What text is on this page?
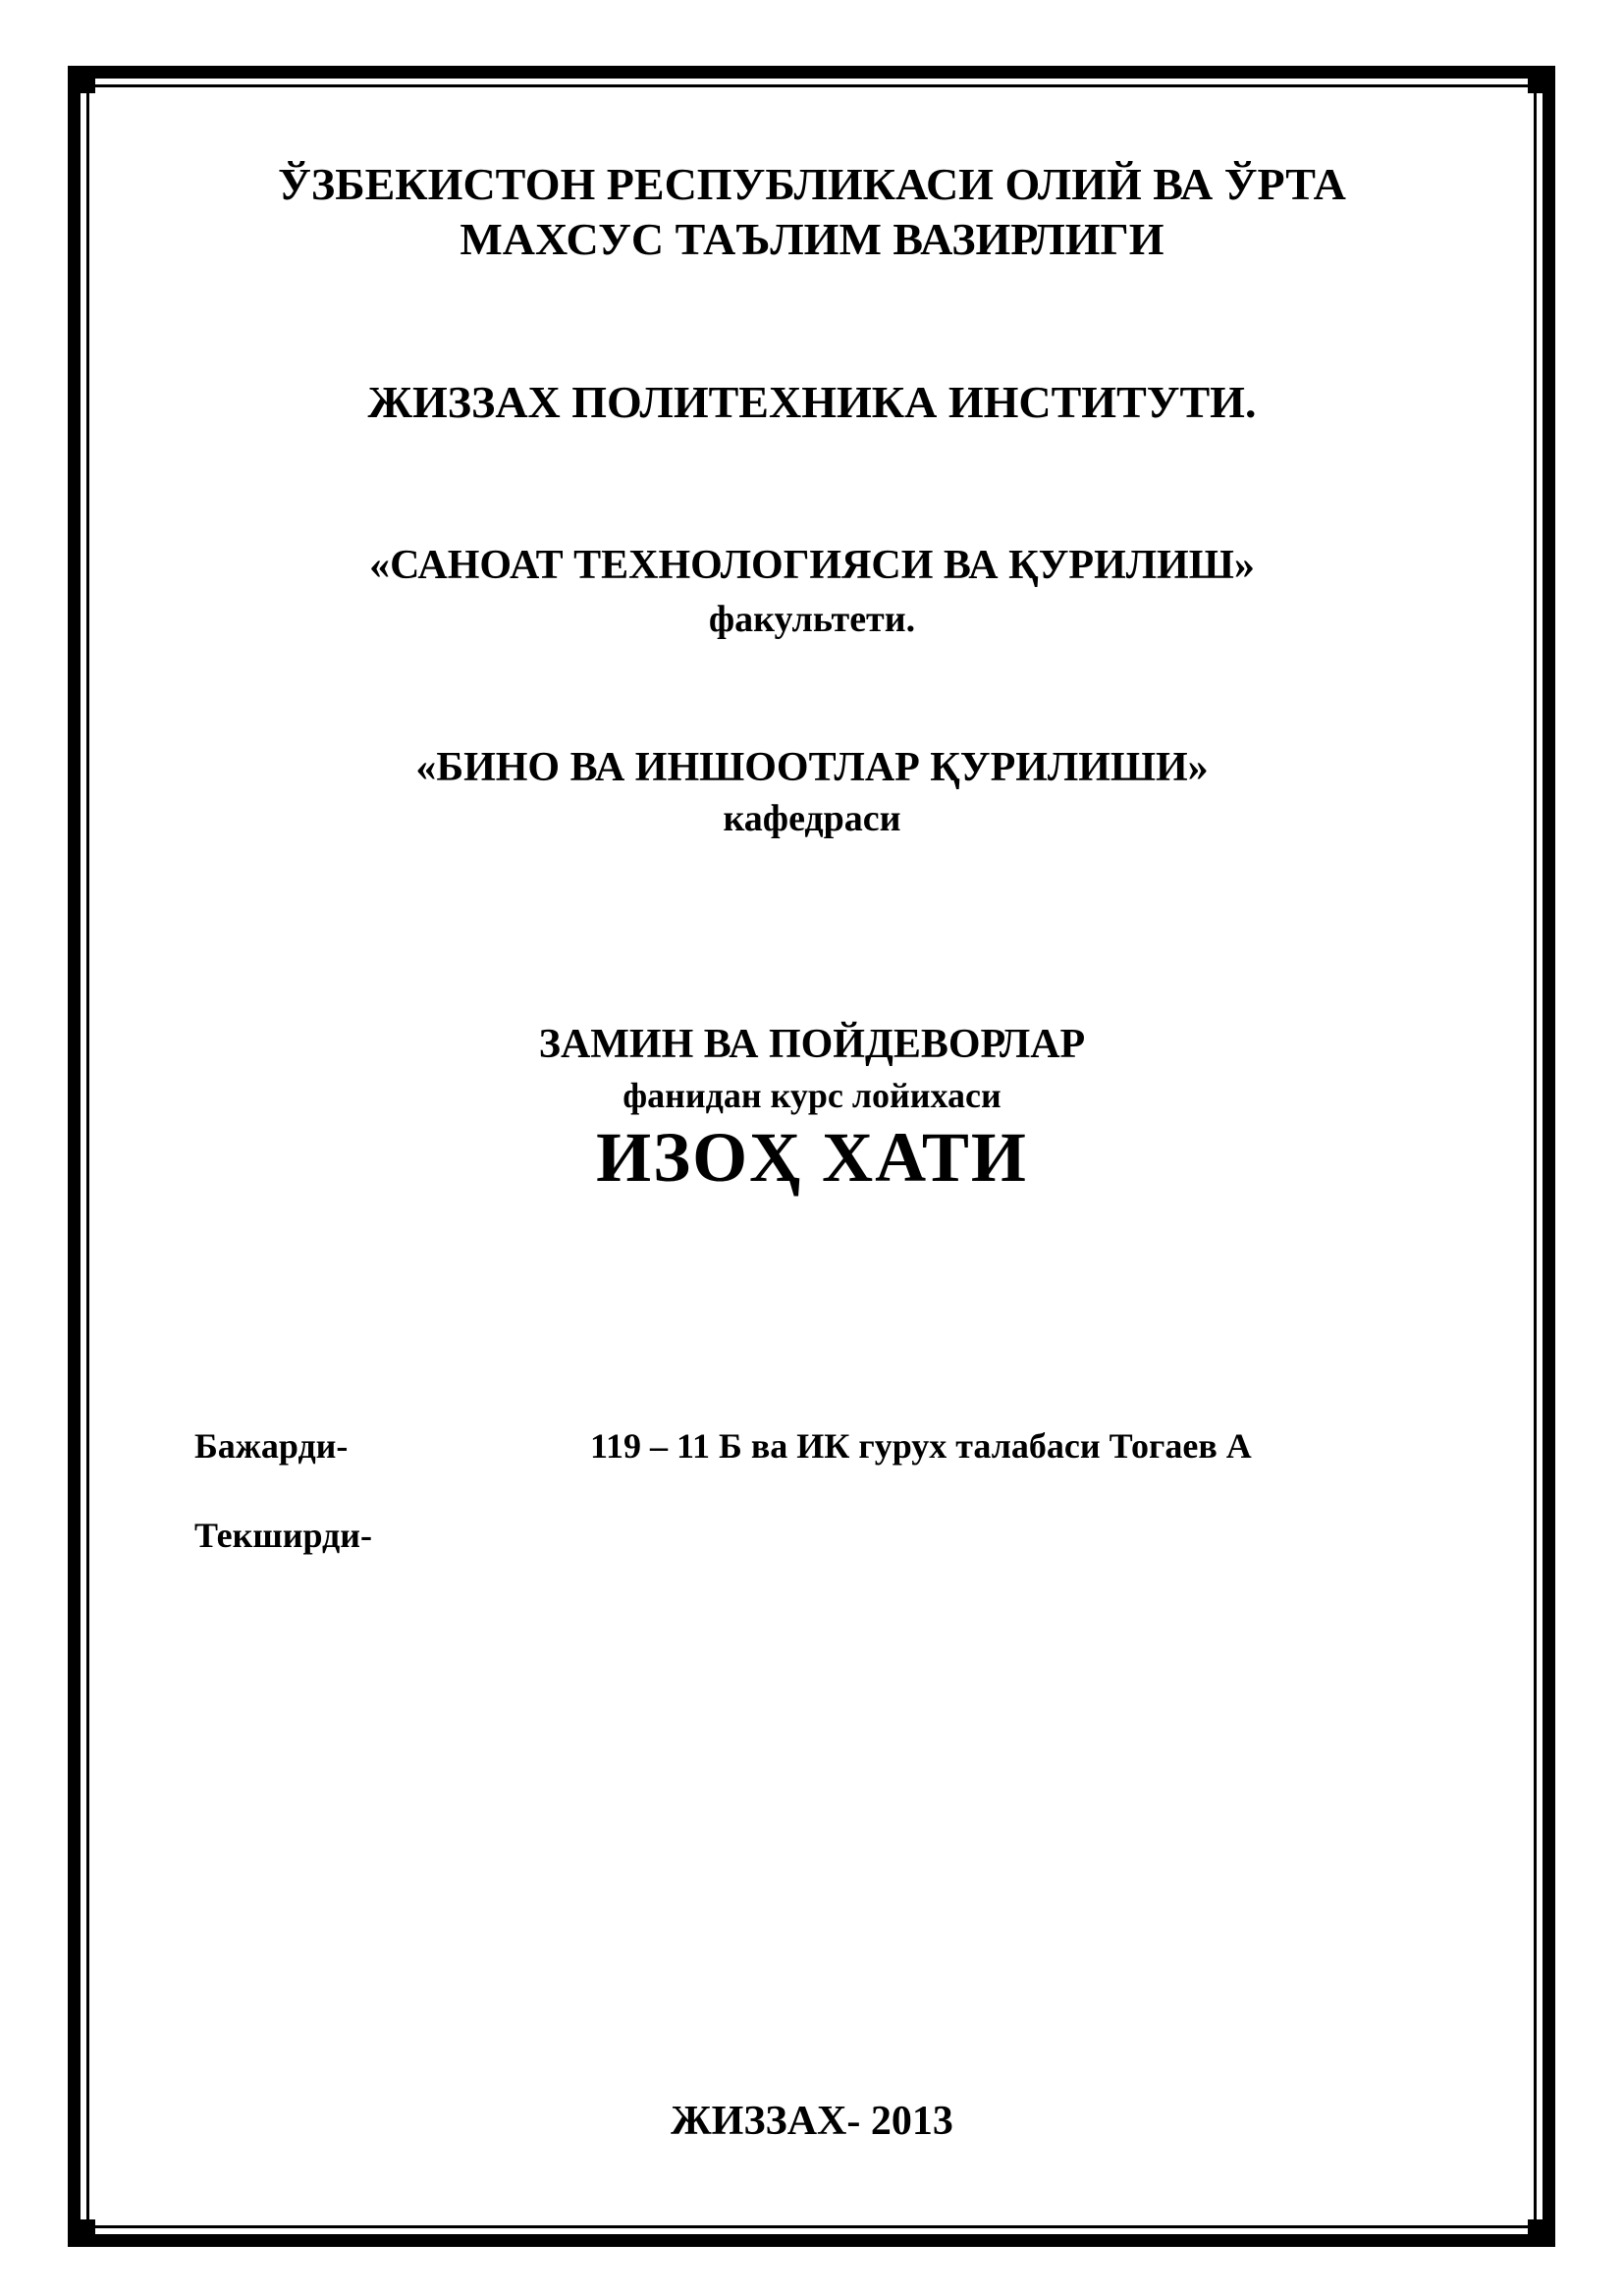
ЎЗБЕКИСТОН РЕСПУБЛИКАСИ ОЛИЙ ВА ЎРТА
МАХСУС ТАЪЛИМ ВАЗИРЛИГИ
ЖИЗЗАХ ПОЛИТЕХНИКА ИНСТИТУТИ.
«САНОАТ ТЕХНОЛОГИЯСИ ВА ҚУРИЛИШ»
факультети.
«БИНО ВА ИНШООТЛАР ҚУРИЛИШИ»
кафедраси
ЗАМИН ВА ПОЙДЕВОРЛАР
фанидан курс лойихаси
ИЗОҲ ХАТИ
Бажарди-	119 – 11 Б ва ИК гурух талабаси Тогаев А
Текширди-
ЖИЗЗАХ- 2013
